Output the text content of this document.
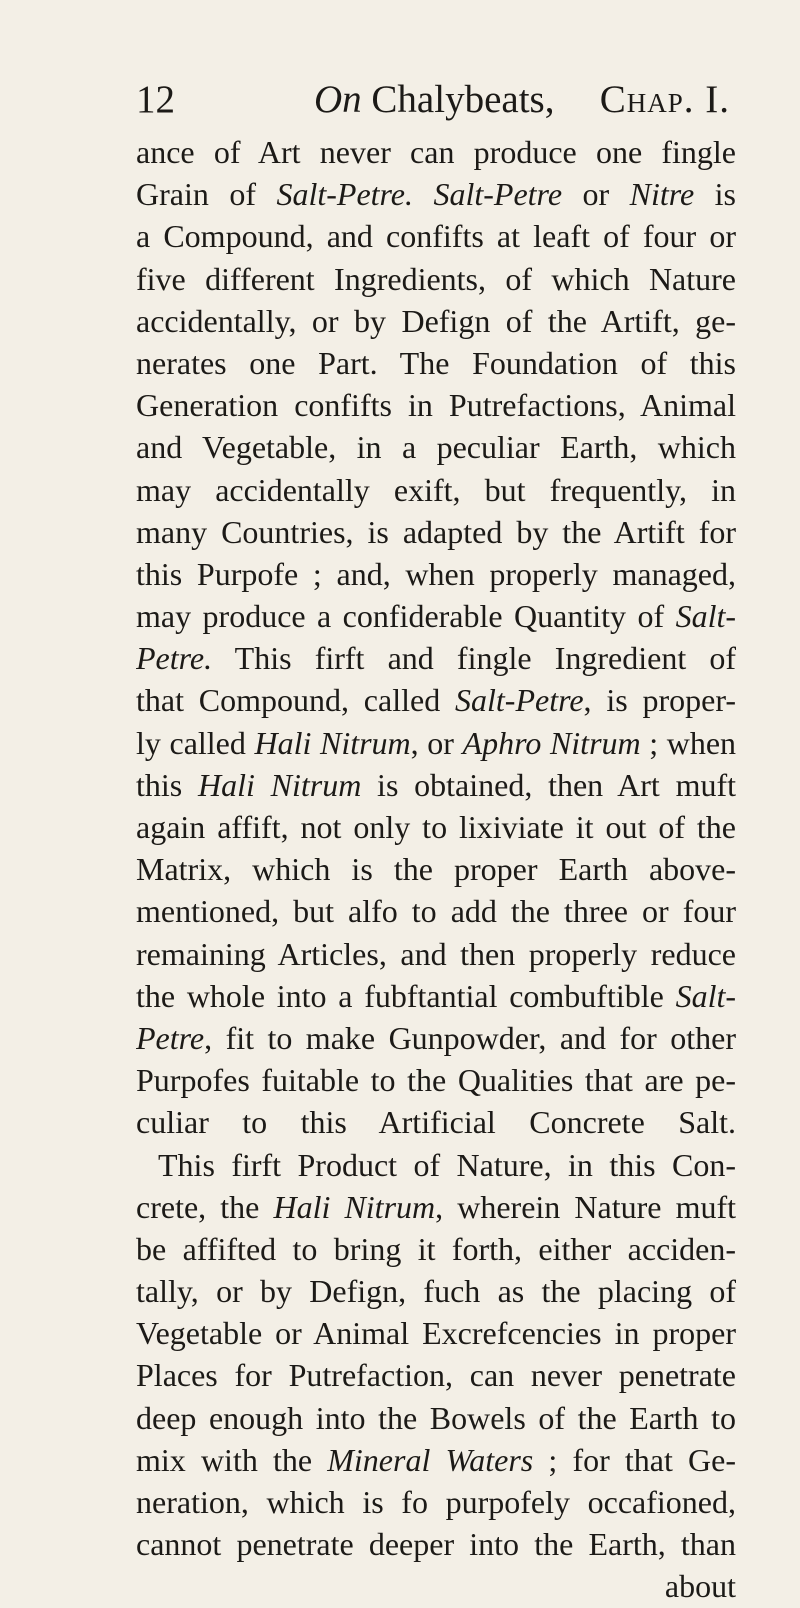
12	On Chalybeats, Chap. I.
ance of Art never can produce one fingle
Grain of Salt-Petre. Salt-Petre or Nitre is
a Compound, and confifts at leaft of four or
five different Ingredients, of which Nature
accidentally, or by Defign of the Artift, ge-
nerates one Part. The Foundation of this
Generation confifts in Putrefactions, Animal
and Vegetable, in a peculiar Earth, which
may accidentally exift, but frequently, in
many Countries, is adapted by the Artift for
this Purpofe ; and, when properly managed,
may produce a confiderable Quantity of Salt-
Petre. This firft and fingle Ingredient of
that Compound, called Salt-Petre, is proper-
ly called Hali Nitrum, or Aphro Nitrum ; when
this Hali Nitrum is obtained, then Art muft
again affift, not only to lixiviate it out of the
Matrix, which is the proper Earth above-
mentioned, but alfo to add the three or four
remaining Articles, and then properly reduce
the whole into a fubftantial combuftible Salt-
Petre, fit to make Gunpowder, and for other
Purpofes fuitable to the Qualities that are pe-
culiar to this Artificial Concrete Salt.
This firft Product of Nature, in this Con-
crete, the Hali Nitrum, wherein Nature muft
be affifted to bring it forth, either acciden-
tally, or by Defign, fuch as the placing of
Vegetable or Animal Excrefcencies in proper
Places for Putrefaction, can never penetrate
deep enough into the Bowels of the Earth to
mix with the Mineral Waters ; for that Ge-
neration, which is fo purpofely occafioned,
cannot penetrate deeper into the Earth, than
about
